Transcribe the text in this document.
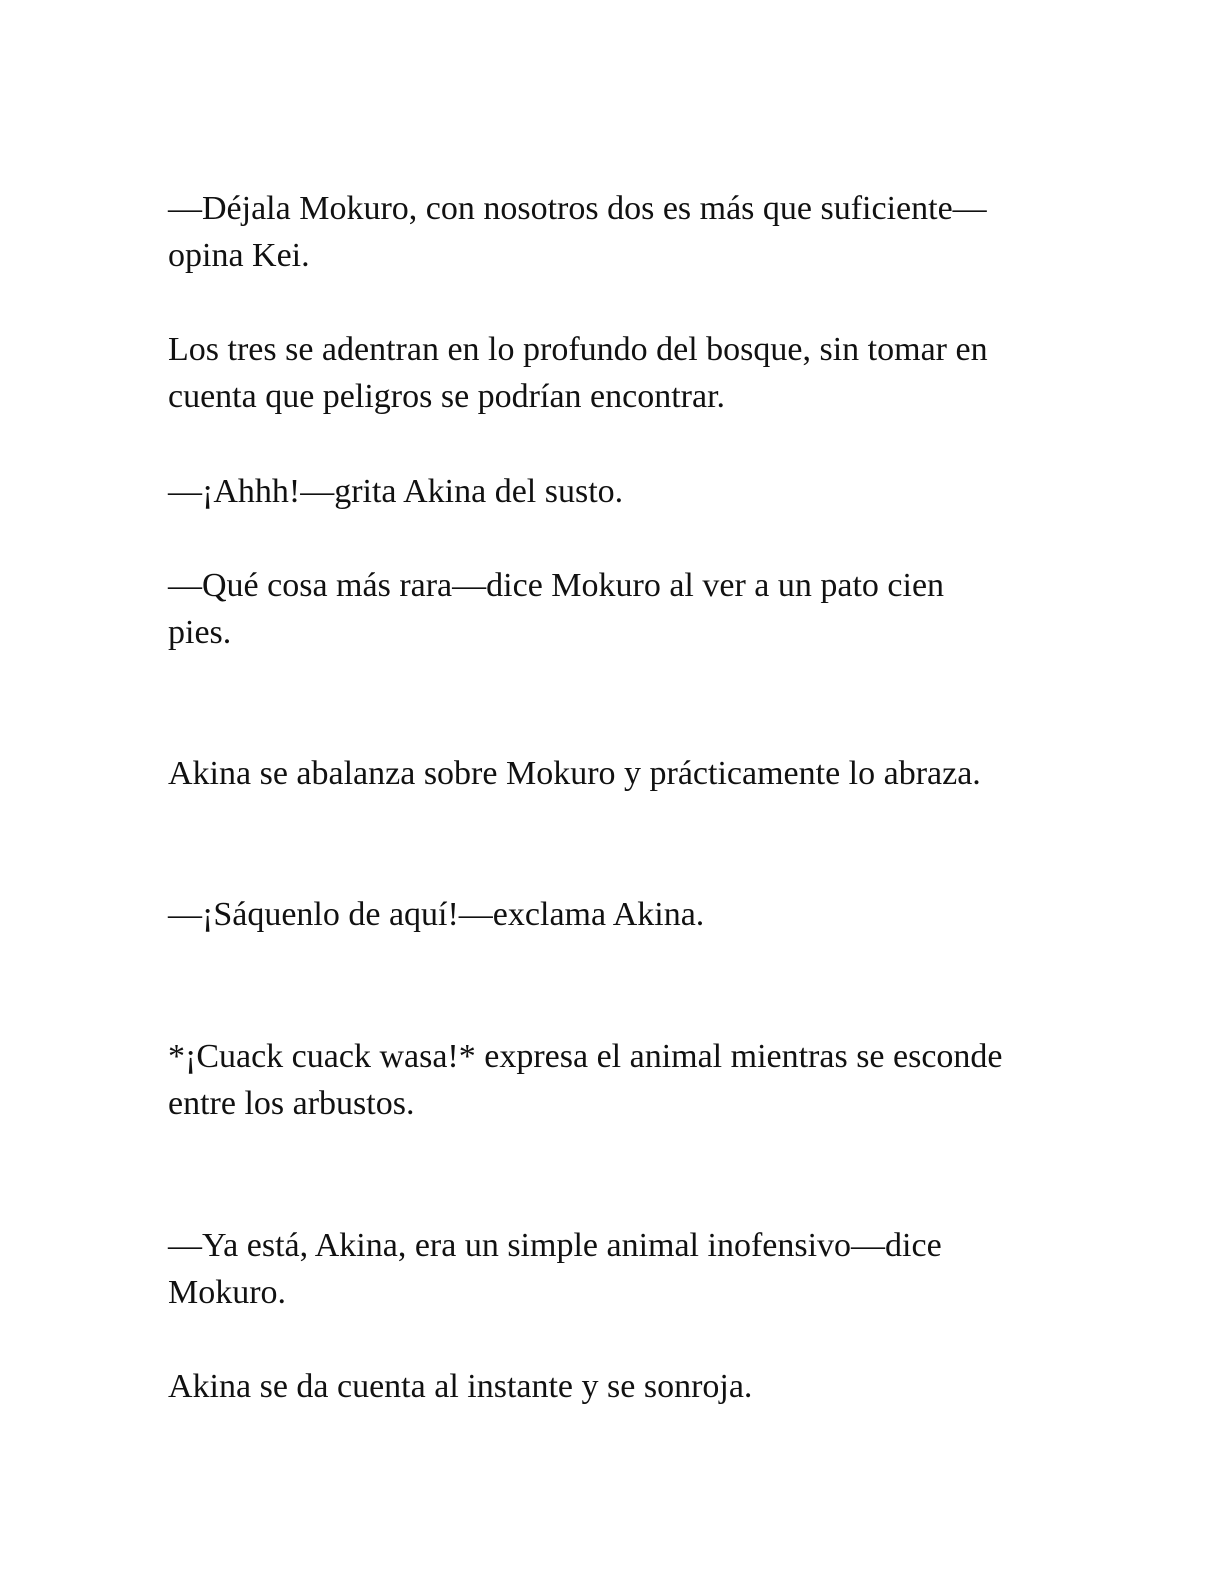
—Déjala Mokuro, con nosotros dos es más que suficiente—
opina Kei.

Los tres se adentran en lo profundo del bosque, sin tomar en
cuenta que peligros se podrían encontrar.

—¡Ahhh!—grita Akina del susto.

—Qué cosa más rara—dice Mokuro al ver a un pato cien
pies.

Akina se abalanza sobre Mokuro y prácticamente lo abraza.

—¡Sáquenlo de aquí!—exclama Akina.

*¡Cuack cuack wasa!* expresa el animal mientras se esconde
entre los arbustos.

—Ya está, Akina, era un simple animal inofensivo—dice
Mokuro.

Akina se da cuenta al instante y se sonroja.
